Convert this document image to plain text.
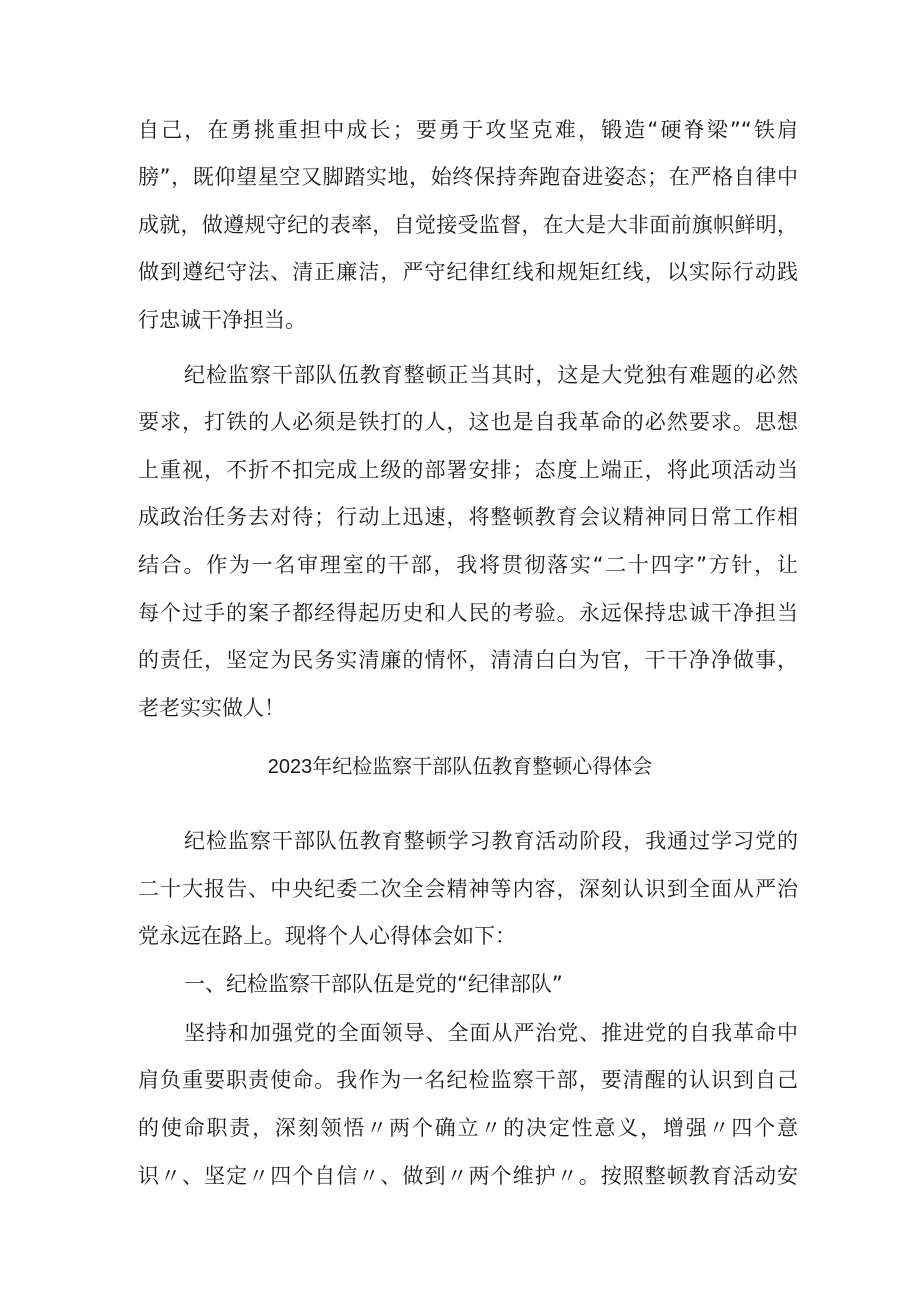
自己，在勇挑重担中成长；要勇于攻坚克难，锻造“硬脊梁”“铁肩
膀”，既仰望星空又脚踏实地，始终保持奔跑奋进姿态；在严格自律中
成就，做遵规守纪的表率，自觉接受监督，在大是大非面前旗帜鲜明，
做到遵纪守法、清正廉洁，严守纪律红线和规矩红线，以实际行动践
行忠诚干净担当。
纪检监察干部队伍教育整顿正当其时，这是大党独有难题的必然
要求，打铁的人必须是铁打的人，这也是自我革命的必然要求。思想
上重视，不折不扣完成上级的部署安排；态度上端正，将此项活动当
成政治任务去对待；行动上迅速，将整顿教育会议精神同日常工作相
结合。作为一名审理室的干部，我将贯彻落实“二十四字”方针，让
每个过手的案子都经得起历史和人民的考验。永远保持忠诚干净担当
的责任，坚定为民务实清廉的情怀，清清白白为官，干干净净做事，
老老实实做人！
2023年纪检监察干部队伍教育整顿心得体会
纪检监察干部队伍教育整顿学习教育活动阶段，我通过学习党的
二十大报告、中央纪委二次全会精神等内容，深刻认识到全面从严治
党永远在路上。现将个人心得体会如下：
一、纪检监察干部队伍是党的“纪律部队”
坚持和加强党的全面领导、全面从严治党、推进党的自我革命中
肩负重要职责使命。我作为一名纪检监察干部，要清醒的认识到自己
的使命职责，深刻领悟〃两个确立〃的决定性意义，增强〃四个意
识〃、坚定〃四个自信〃、做到〃两个维护〃。按照整顿教育活动安
